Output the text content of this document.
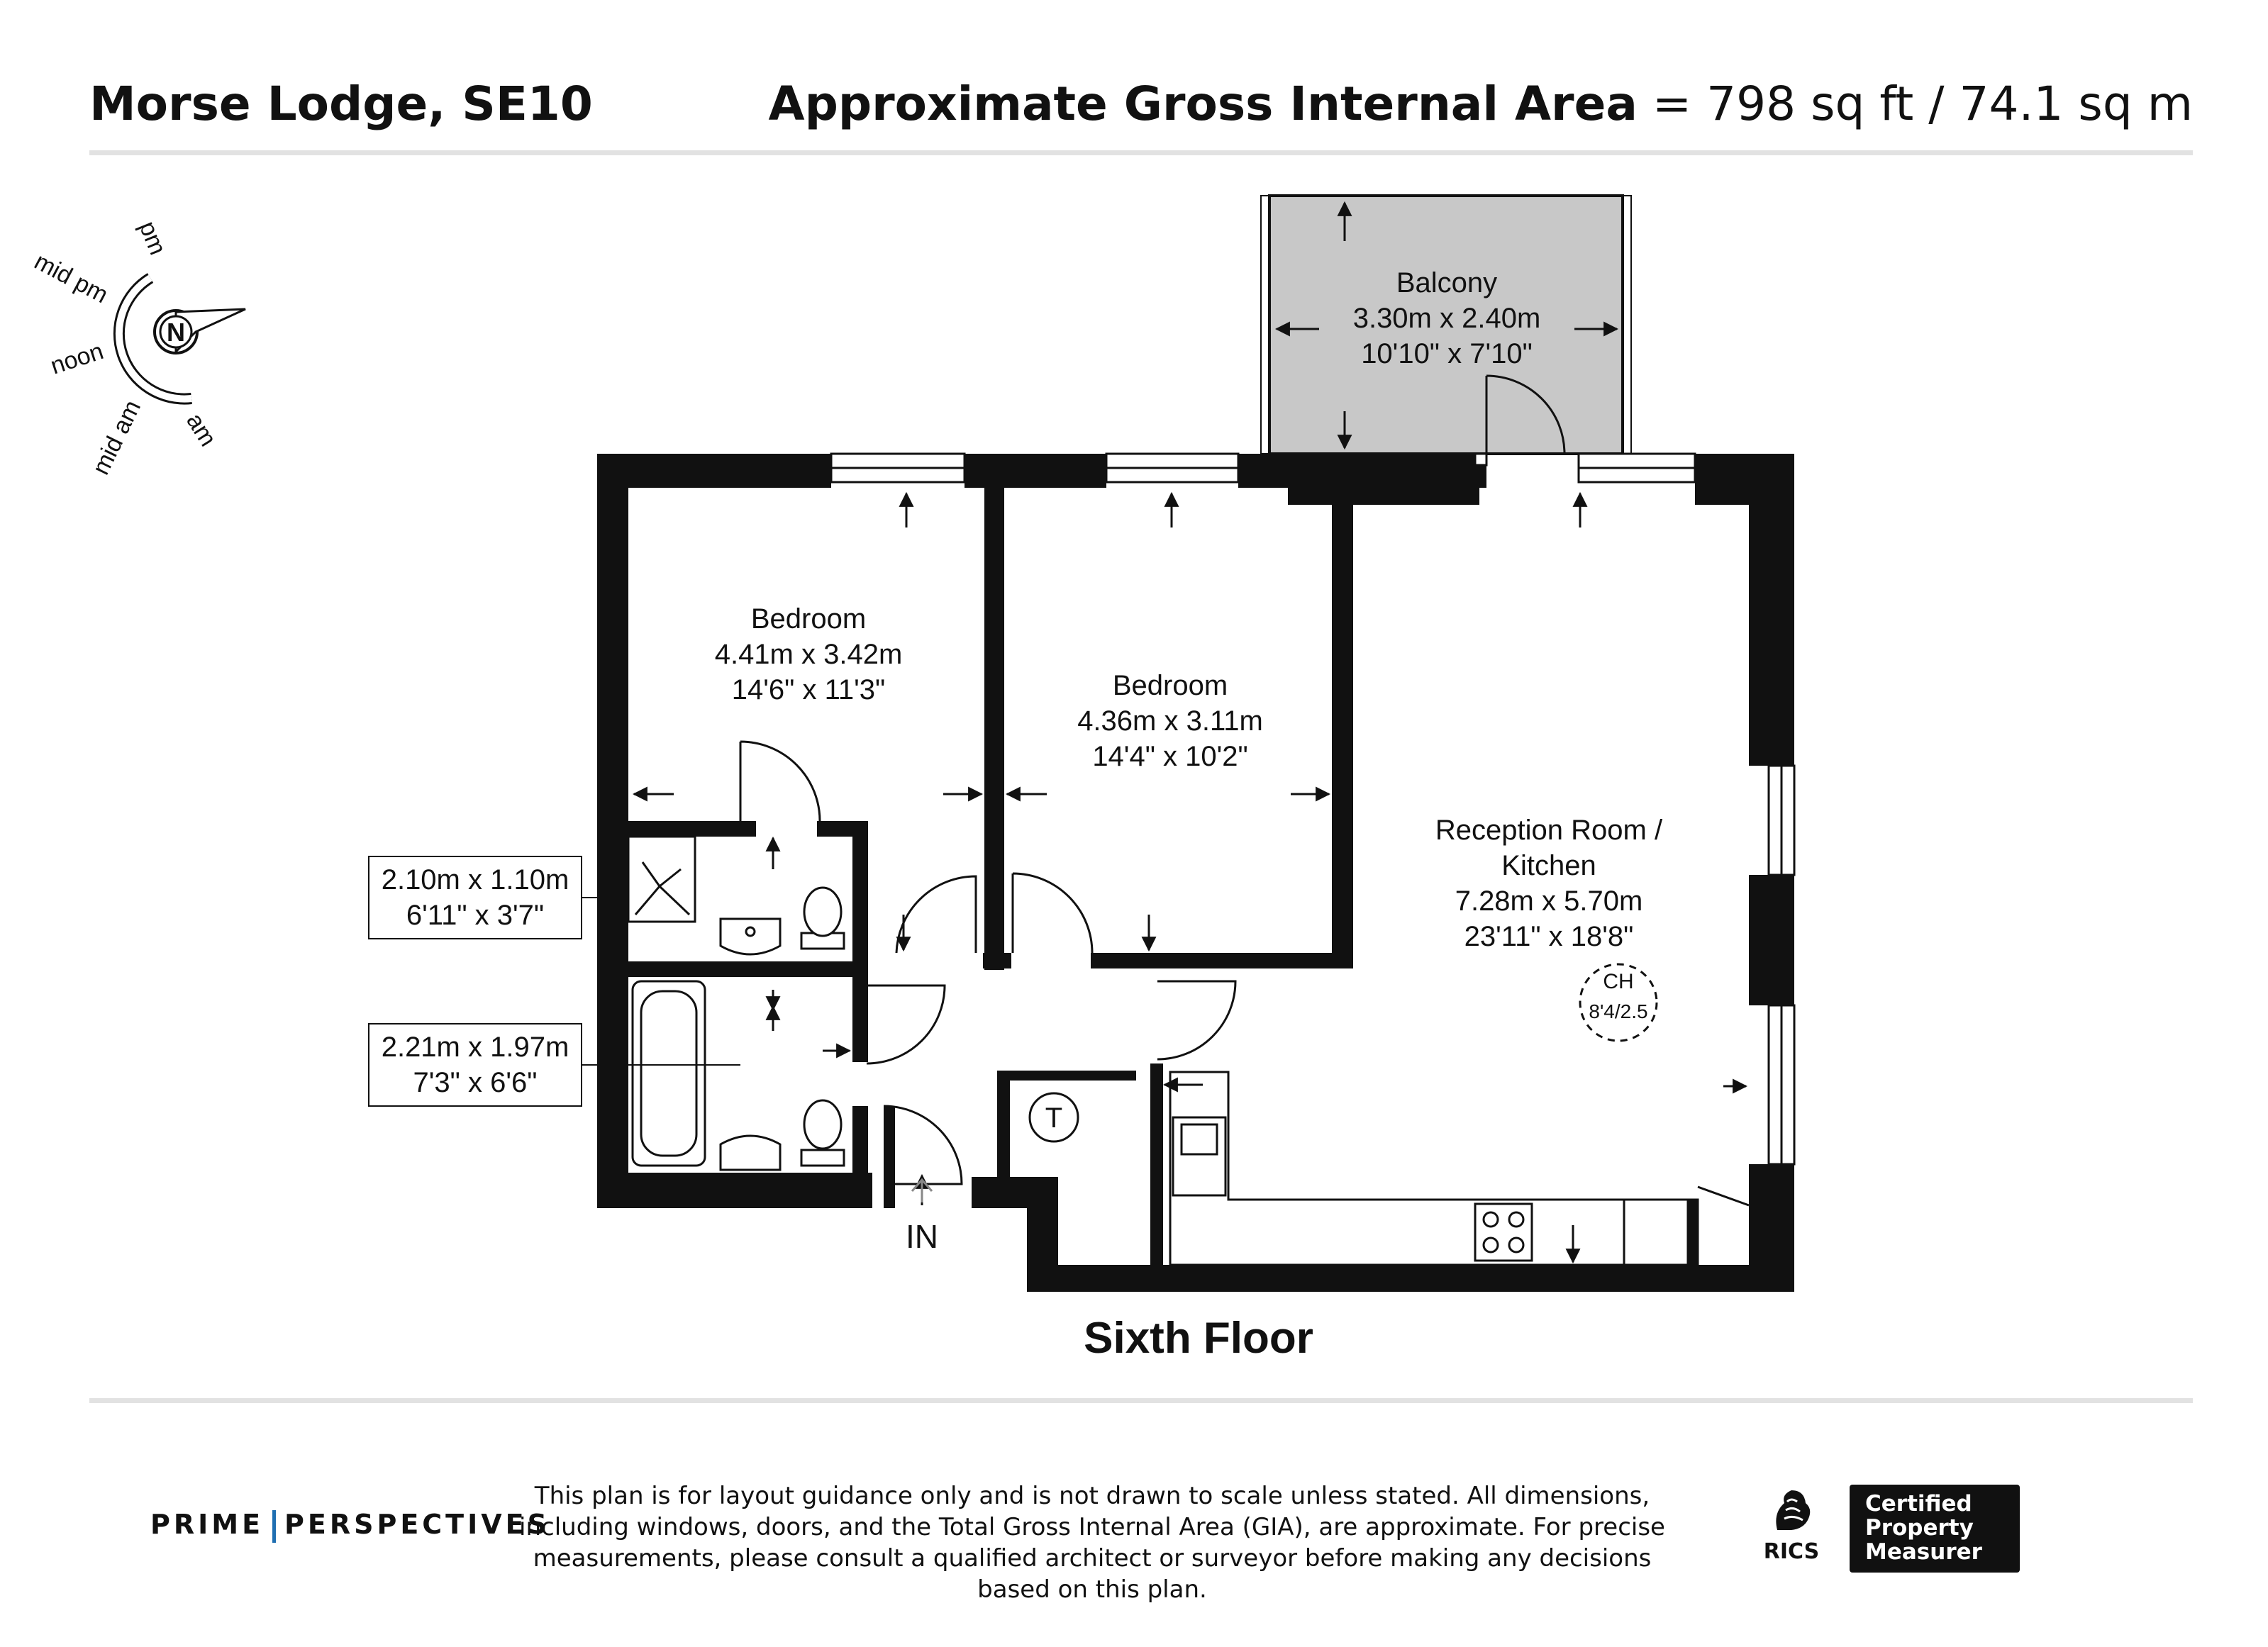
Morse Lodge, SE10	Approximate Gross Internal Area = 798 sq ft / 74.1 sq m
N
pm
mid pm
noon
mid am am
Balcony
3.30m x 2.40m
10'10" x 7'10"
Bedroom
4.41m x 3.42m
14'6" x 11'3"	Bedroom
4.36m x 3.11m
14'4" x 10'2"
Reception Room /
Kitchen
7.28m x 5.70m
23'11" x 18'8"
2.10m x 1.10m
6'11" x 3'7"
2.21m x 1.97m
7'3" x 6'6"
CH
8'4/2.5
T
IN
Sixth Floor
PRIME PERSPECTIVES
This plan is for layout guidance only and is not drawn to scale unless stated. All dimensions, including windows, doors, and the Total Gross Internal Area (GIA), are approximate. For precise measurements, please consult a qualified architect or surveyor before making any decisions based on this plan.
RICS
Certified
Property
Measurer
